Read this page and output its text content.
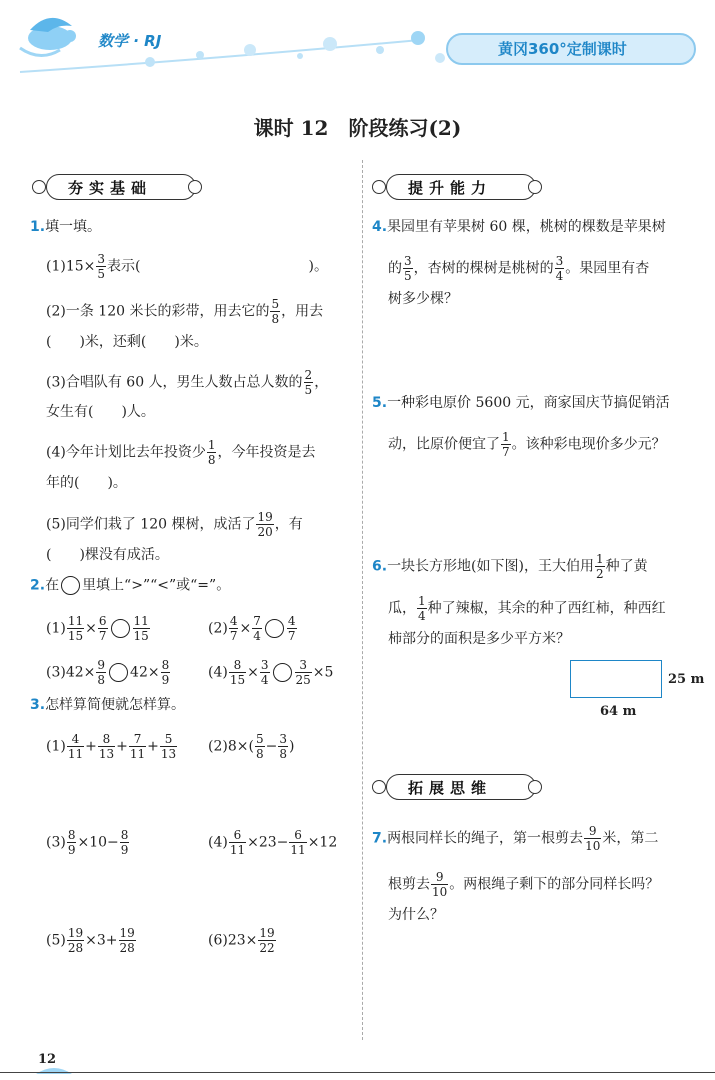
数学 · RJ	黄冈360°定制课时
课时 12　阶段练习(2)
夯实基础
1.填一填。
$(1)15\times \frac{3}{5}$ 表示(　　　　　　　　　　　　)。
(2)一条 120 米长的彩带，用去它的 $\frac{5}{8}$ ，用去
(　　)米，还剩(　　)米。
(3)合唱队有 60 人，男生人数占总人数的 $\frac{2}{5}$ ，
女生有(　　)人。
(4)今年计划比去年投资少 $\frac{1}{8}$ ，今年投资是去
年的(　　)。
(5)同学们栽了 120 棵树，成活了 $\frac{19}{20}$ ，有
(　　)棵没有成活。
2.在 里填上“>”“<”或“=”。
$(1) \frac{11}{15} \times \frac{6}{7} \frac{11}{15}$	$(2) \frac{4}{7} \times \frac{7}{4} \frac{4}{7}$
$(3)42\times \frac{9}{8} 42\times \frac{8}{9}$	$(4) \frac{8}{15} \times \frac{3}{4} \frac{3}{25} \times 5$
3.怎样算简便就怎样算。
$(1) \frac{4}{11} + \frac{8}{13} + \frac{7}{11} + \frac{5}{13} (2)8\times( \frac{5}{8} - \frac{3}{8}$ )
$(3) \frac{8}{9} \times 10- \frac{8}{9}$	$(4) \frac{6}{11} \times 23- \frac{6}{11} \times 12$
$(5) \frac{19}{28} \times 3+ \frac{19}{28}$	$(6)23\times \frac{19}{22}$
提升能力
4.果园里有苹果树 60 棵，桃树的棵数是苹果树
的 $\frac{3}{5}$ ，杏树的棵树是桃树的 $\frac{3}{4}$ 。果园里有杏
树多少棵？
5.一种彩电原价 5600 元，商家国庆节搞促销活
动，比原价便宜了 $\frac{1}{7}$ 。该种彩电现价多少元？
6.一块长方形地(如下图)，王大伯用 $\frac{1}{2}$ 种了黄
瓜， $\frac{1}{4}$ 种了辣椒，其余的种了西红柿，种西红
柿部分的面积是多少平方米？
25 m
64 m
拓展思维
7.两根同样长的绳子，第一根剪去 $\frac{9}{10}$ 米，第二
根剪去 $\frac{9}{10}$ 。两根绳子剩下的部分同样长吗？
为什么？
12
